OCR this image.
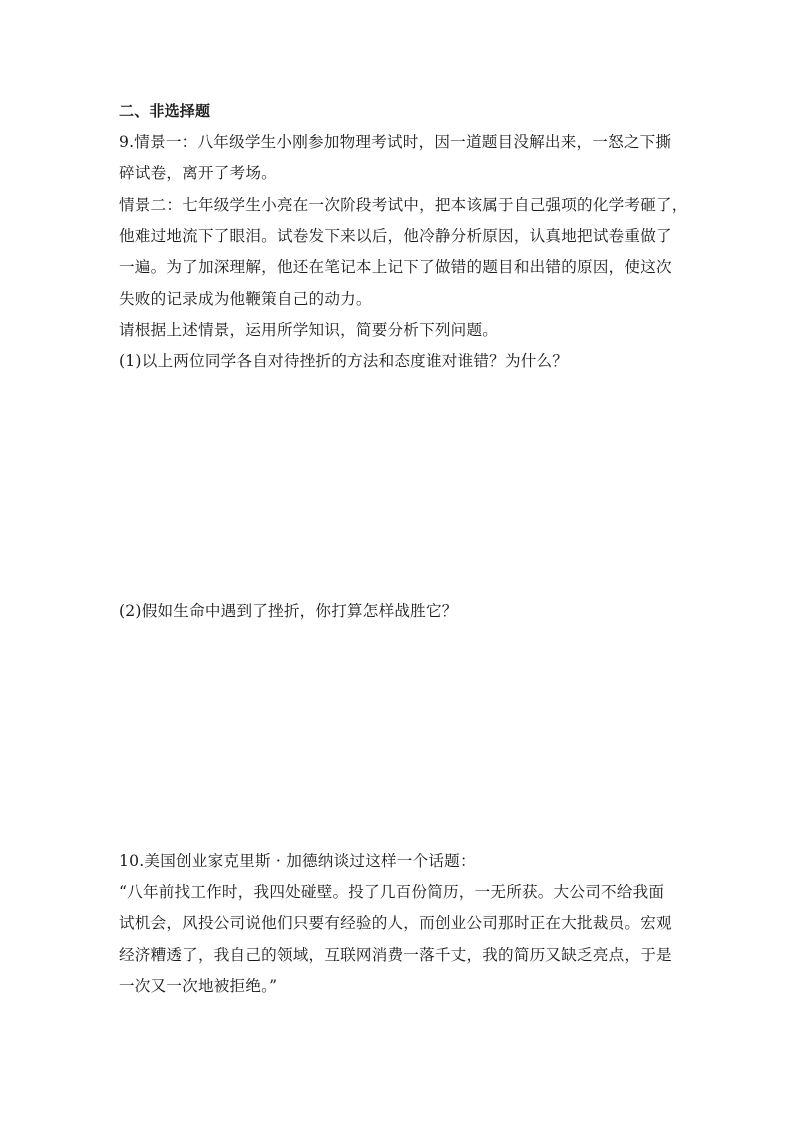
二、非选择题
9.情景一：八年级学生小刚参加物理考试时，因一道题目没解出来，一怒之下撕
碎试卷，离开了考场。
情景二：七年级学生小亮在一次阶段考试中，把本该属于自己强项的化学考砸了，
他难过地流下了眼泪。试卷发下来以后，他冷静分析原因，认真地把试卷重做了
一遍。为了加深理解，他还在笔记本上记下了做错的题目和出错的原因，使这次
失败的记录成为他鞭策自己的动力。
请根据上述情景，运用所学知识，简要分析下列问题。
(1)以上两位同学各自对待挫折的方法和态度谁对谁错？为什么？
(2)假如生命中遇到了挫折，你打算怎样战胜它？
10.美国创业家克里斯 · 加德纳谈过这样一个话题：
“八年前找工作时，我四处碰壁。投了几百份简历，一无所获。大公司不给我面
试机会，风投公司说他们只要有经验的人，而创业公司那时正在大批裁员。宏观
经济糟透了，我自己的领域，互联网消费一落千丈，我的简历又缺乏亮点，于是
一次又一次地被拒绝。”
